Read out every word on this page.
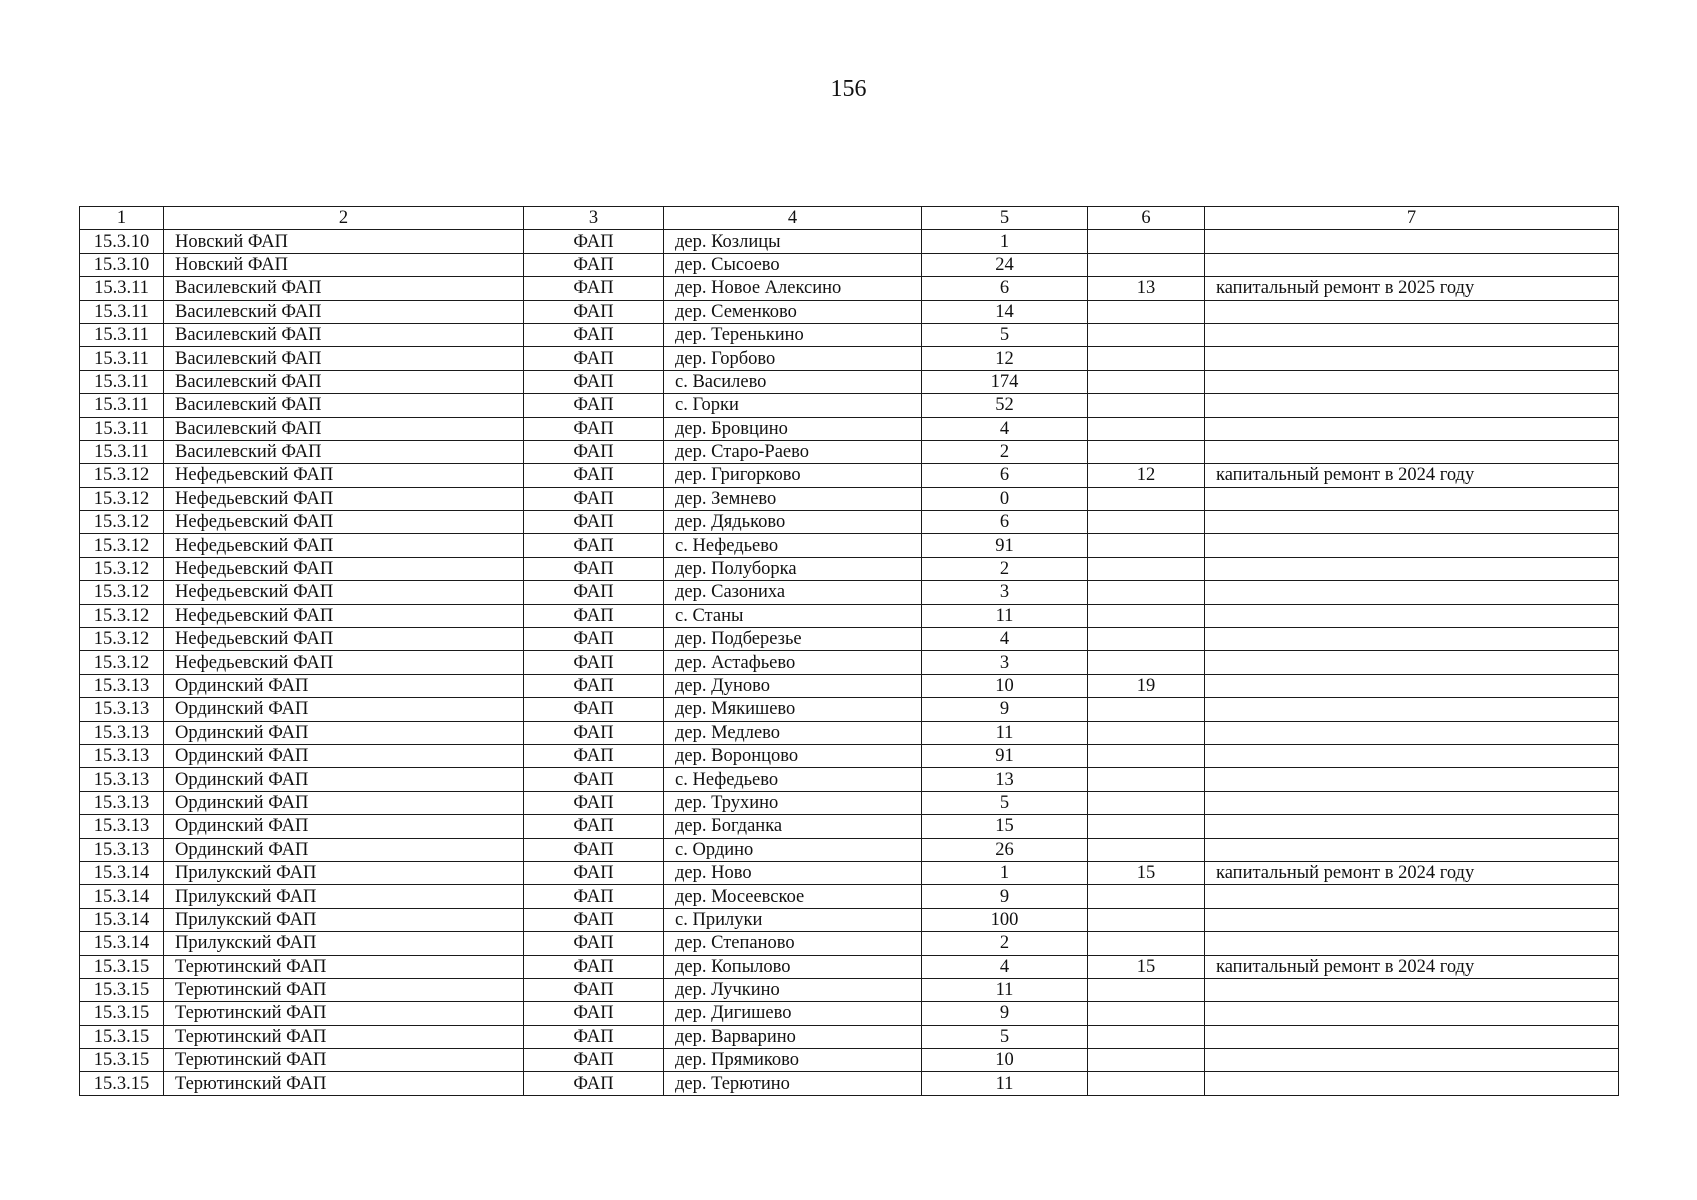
156
1	2	3	4	5	6	7
15.3.10	Новский ФАП	ФАП	дер. Козлицы	1		
15.3.10	Новский ФАП	ФАП	дер. Сысоево	24		
15.3.11	Василевский ФАП	ФАП	дер. Новое Алексино	6	13	капитальный ремонт в 2025 году
15.3.11	Василевский ФАП	ФАП	дер. Семенково	14		
15.3.11	Василевский ФАП	ФАП	дер. Теренькино	5		
15.3.11	Василевский ФАП	ФАП	дер. Горбово	12		
15.3.11	Василевский ФАП	ФАП	с. Василево	174		
15.3.11	Василевский ФАП	ФАП	с. Горки	52		
15.3.11	Василевский ФАП	ФАП	дер. Бровцино	4		
15.3.11	Василевский ФАП	ФАП	дер. Старо-Раево	2		
15.3.12	Нефедьевский ФАП	ФАП	дер. Григорково	6	12	капитальный ремонт в 2024 году
15.3.12	Нефедьевский ФАП	ФАП	дер. Земнево	0		
15.3.12	Нефедьевский ФАП	ФАП	дер. Дядьково	6		
15.3.12	Нефедьевский ФАП	ФАП	с. Нефедьево	91		
15.3.12	Нефедьевский ФАП	ФАП	дер. Полуборка	2		
15.3.12	Нефедьевский ФАП	ФАП	дер. Сазониха	3		
15.3.12	Нефедьевский ФАП	ФАП	с. Станы	11		
15.3.12	Нефедьевский ФАП	ФАП	дер. Подберезье	4		
15.3.12	Нефедьевский ФАП	ФАП	дер. Астафьево	3		
15.3.13	Ординский ФАП	ФАП	дер. Дуново	10	19	
15.3.13	Ординский ФАП	ФАП	дер. Мякишево	9		
15.3.13	Ординский ФАП	ФАП	дер. Медлево	11		
15.3.13	Ординский ФАП	ФАП	дер. Воронцово	91		
15.3.13	Ординский ФАП	ФАП	с. Нефедьево	13		
15.3.13	Ординский ФАП	ФАП	дер. Трухино	5		
15.3.13	Ординский ФАП	ФАП	дер. Богданка	15		
15.3.13	Ординский ФАП	ФАП	с. Ордино	26		
15.3.14	Прилукский ФАП	ФАП	дер. Ново	1	15	капитальный ремонт в 2024 году
15.3.14	Прилукский ФАП	ФАП	дер. Мосеевское	9		
15.3.14	Прилукский ФАП	ФАП	с. Прилуки	100		
15.3.14	Прилукский ФАП	ФАП	дер. Степаново	2		
15.3.15	Терютинский ФАП	ФАП	дер. Копылово	4	15	капитальный ремонт в 2024 году
15.3.15	Терютинский ФАП	ФАП	дер. Лучкино	11		
15.3.15	Терютинский ФАП	ФАП	дер. Дигишево	9		
15.3.15	Терютинский ФАП	ФАП	дер. Варварино	5		
15.3.15	Терютинский ФАП	ФАП	дер. Прямиково	10		
15.3.15	Терютинский ФАП	ФАП	дер. Терютино	11		
